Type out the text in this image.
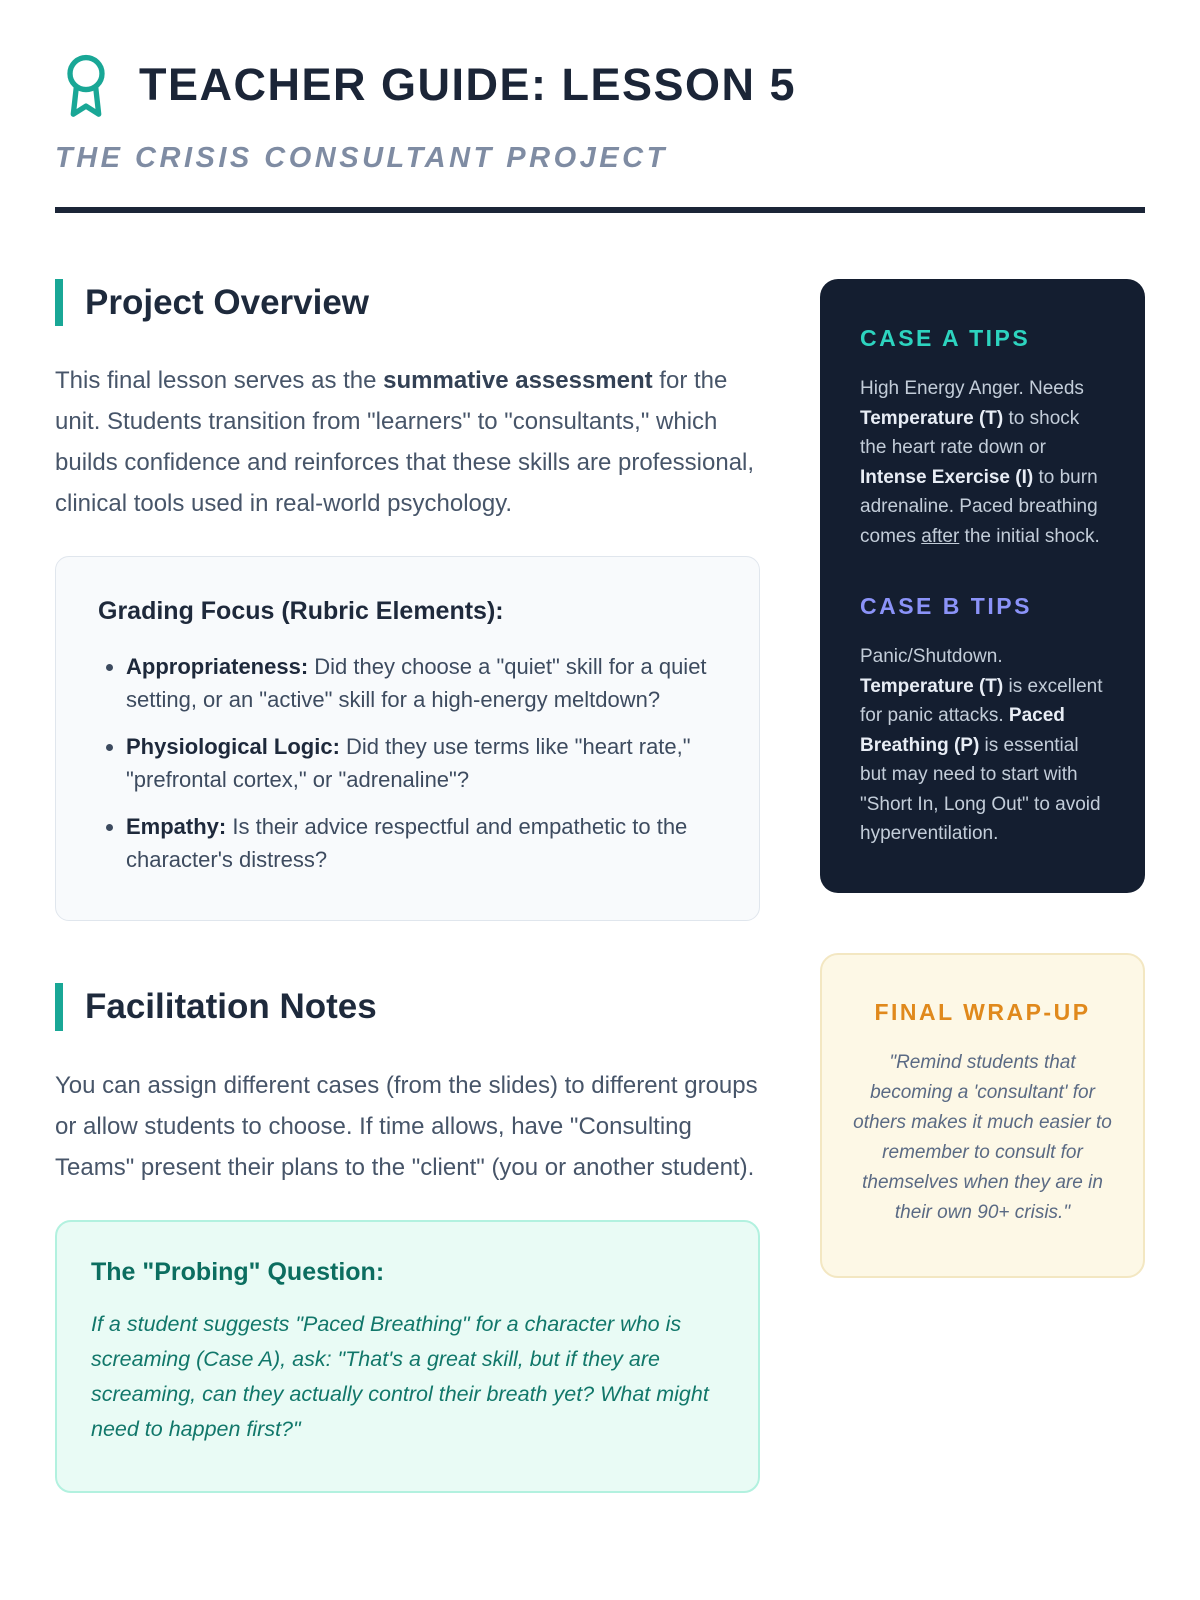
TEACHER GUIDE: LESSON 5
THE CRISIS CONSULTANT PROJECT
Project Overview

This final lesson serves as the summative assessment for the unit. Students transition from "learners" to "consultants," which builds confidence and reinforces that these skills are professional, clinical tools used in real-world psychology.

Grading Focus (Rubric Elements):
• Appropriateness: Did they choose a "quiet" skill for a quiet setting, or an "active" skill for a high-energy meltdown?
• Physiological Logic: Did they use terms like "heart rate," "prefrontal cortex," or "adrenaline"?
• Empathy: Is their advice respectful and empathetic to the character's distress?
Facilitation Notes

You can assign different cases (from the slides) to different groups or allow students to choose. If time allows, have "Consulting Teams" present their plans to the "client" (you or another student).

The "Probing" Question:

If a student suggests "Paced Breathing" for a character who is screaming (Case A), ask: "That's a great skill, but if they are screaming, can they actually control their breath yet? What might need to happen first?"

CASE A TIPS

High Energy Anger. Needs Temperature (T) to shock the heart rate down or Intense Exercise (I) to burn adrenaline. Paced breathing comes after the initial shock.

CASE B TIPS

Panic/Shutdown. Temperature (T) is excellent for panic attacks. Paced Breathing (P) is essential but may need to start with "Short In, Long Out" to avoid hyperventilation.

FINAL WRAP-UP

"Remind students that becoming a 'consultant' for others makes it much easier to remember to consult for themselves when they are in their own 90+ crisis."
